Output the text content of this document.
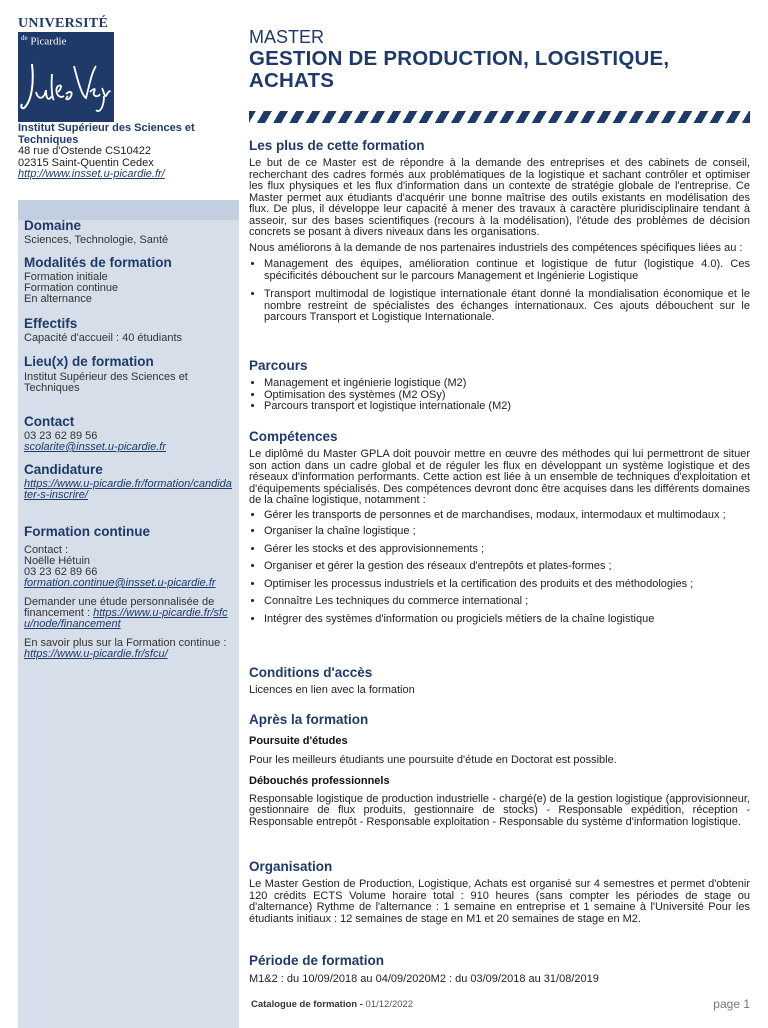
UNIVERSITÉ
$^{de}$ Picardie
Institut Supérieur des Sciences et Techniques
48 rue d'Ostende CS10422
02315 Saint-Quentin Cedex
http://www.insset.u-picardie.fr/
Domaine

Sciences, Technologie, Santé

Modalités de formation

Formation initiale

Formation continue

En alternance

Effectifs

Capacité d'accueil : 40 étudiants

Lieu(x) de formation

Institut Supérieur des Sciences et Techniques

Contact

03 23 62 89 56

scolarite@insset.u-picardie.fr

Candidature

https://www.u-picardie.fr/formation/candidater-s-inscrire/

Formation continue

Contact :

Noëlle Hétuin

03 23 62 89 66

formation.continue@insset.u-picardie.fr

Demander une étude personnalisée de financement : https://www.u-picardie.fr/sfcu/node/financement

En savoir plus sur la Formation continue : https://www.u-picardie.fr/sfcu/

MASTER
GESTION DE PRODUCTION, LOGISTIQUE, ACHATS
Les plus de cette formation

Le but de ce Master est de répondre à la demande des entreprises et des cabinets de conseil, recherchant des cadres formés aux problématiques de la logistique et sachant contrôler et optimiser les flux physiques et les flux d'information dans un contexte de stratégie globale de l'entreprise. Ce Master permet aux étudiants d'acquérir une bonne maîtrise des outils existants en modélisation des flux. De plus, il développe leur capacité à mener des travaux à caractère pluridisciplinaire tendant à asseoir, sur des bases scientifiques (recours à la modélisation), l'étude des problèmes de décision concrets se posant à divers niveaux dans les organisations.

Nous améliorons à la demande de nos partenaires industriels des compétences spécifiques liées au :

• Management des équipes, amélioration continue et logistique de futur (logistique 4.0). Ces spécificités débouchent sur le parcours Management et Ingénierie Logistique
• Transport multimodal de logistique internationale étant donné la mondialisation économique et le nombre restreint de spécialistes des échanges internationaux. Ces ajouts débouchent sur le parcours Transport et Logistique Internationale.
Parcours
• Management et ingénierie logistique (M2)
• Optimisation des systèmes (M2 OSy)
• Parcours transport et logistique internationale (M2)
Compétences

Le diplômé du Master GPLA doit pouvoir mettre en œuvre des méthodes qui lui permettront de situer son action dans un cadre global et de réguler les flux en développant un système logistique et des réseaux d'information performants. Cette action est liée à un ensemble de techniques d'exploitation et d'équipements spécialisés. Des compétences devront donc être acquises dans les différents domaines de la chaîne logistique, notamment :

• Gérer les transports de personnes et de marchandises, modaux, intermodaux et multimodaux ;
• Organiser la chaîne logistique ;
• Gérer les stocks et des approvisionnements ;
• Organiser et gérer la gestion des réseaux d'entrepôts et plates-formes ;
• Optimiser les processus industriels et la certification des produits et des méthodologies ;
• Connaître Les techniques du commerce international ;
• Intégrer des systèmes d'information ou progiciels métiers de la chaîne logistique
Conditions d'accès

Licences en lien avec la formation

Après la formation
Poursuite d'études

Pour les meilleurs étudiants une poursuite d'étude en Doctorat est possible.

Débouchés professionnels

Responsable logistique de production industrielle - chargé(e) de la gestion logistique (approvisionneur, gestionnaire de flux produits, gestionnaire de stocks) - Responsable expédition, réception - Responsable entrepôt - Responsable exploitation - Responsable du système d'information logistique.

Organisation

Le Master Gestion de Production, Logistique, Achats est organisé sur 4 semestres et permet d'obtenir 120 crédits ECTS Volume horaire total : 910 heures (sans compter les périodes de stage ou d'alternance) Rythme de l'alternance : 1 semaine en entreprise et 1 semaine à l'Université Pour les étudiants initiaux : 12 semaines de stage en M1 et 20 semaines de stage en M2.

Période de formation

M1&2 : du 10/09/2018 au 04/09/2020M2 : du 03/09/2018 au 31/08/2019

Catalogue de formation - 01/12/2022	page 1
